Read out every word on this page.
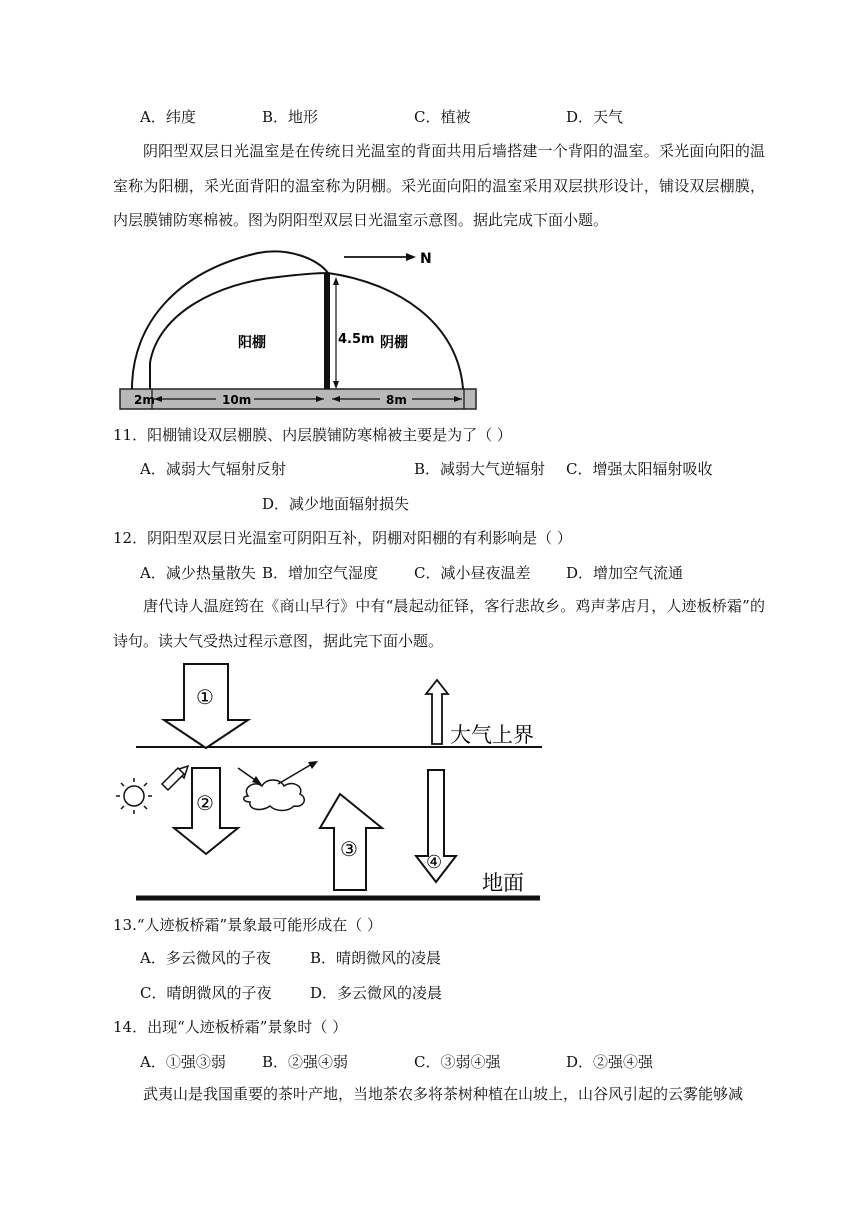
A．纬度	B．地形	C．植被	D．天气
阴阳型双层日光温室是在传统日光温室的背面共用后墙搭建一个背阳的温室。采光面向阳的温室称为阳棚，采光面背阳的温室称为阴棚。采光面向阳的温室采用双层拱形设计，铺设双层棚膜，内层膜铺防寒棉被。图为阴阳型双层日光温室示意图。据此完成下面小题。
4.5m
阳棚	阴棚
N
2m	10m	8m
11．阳棚铺设双层棚膜、内层膜铺防寒棉被主要是为了（ ）
A．减弱大气辐射反射	B．减弱大气逆辐射 C．增强太阳辐射吸收
D．减少地面辐射损失
12．阴阳型双层日光温室可阴阳互补，阴棚对阳棚的有利影响是（ ）
A．减少热量散失 B．增加空气湿度 C．减小昼夜温差 D．增加空气流通
唐代诗人温庭筠在《商山早行》中有“晨起动征铎，客行悲故乡。鸡声茅店月，人迹板桥霜”的诗句。读大气受热过程示意图，据此完下面小题。
①
②
③
④
大气上界
地面
13.“人迹板桥霜”景象最可能形成在（ ）
A．多云微风的子夜	B．晴朗微风的凌晨
C．晴朗微风的子夜	D．多云微风的凌晨
14．出现“人迹板桥霜”景象时（ ）
A．①强③弱 B．②强④弱	C．③弱④强	D．②强④强
武夷山是我国重要的茶叶产地，当地茶农多将茶树种植在山坡上，山谷风引起的云雾能够减
